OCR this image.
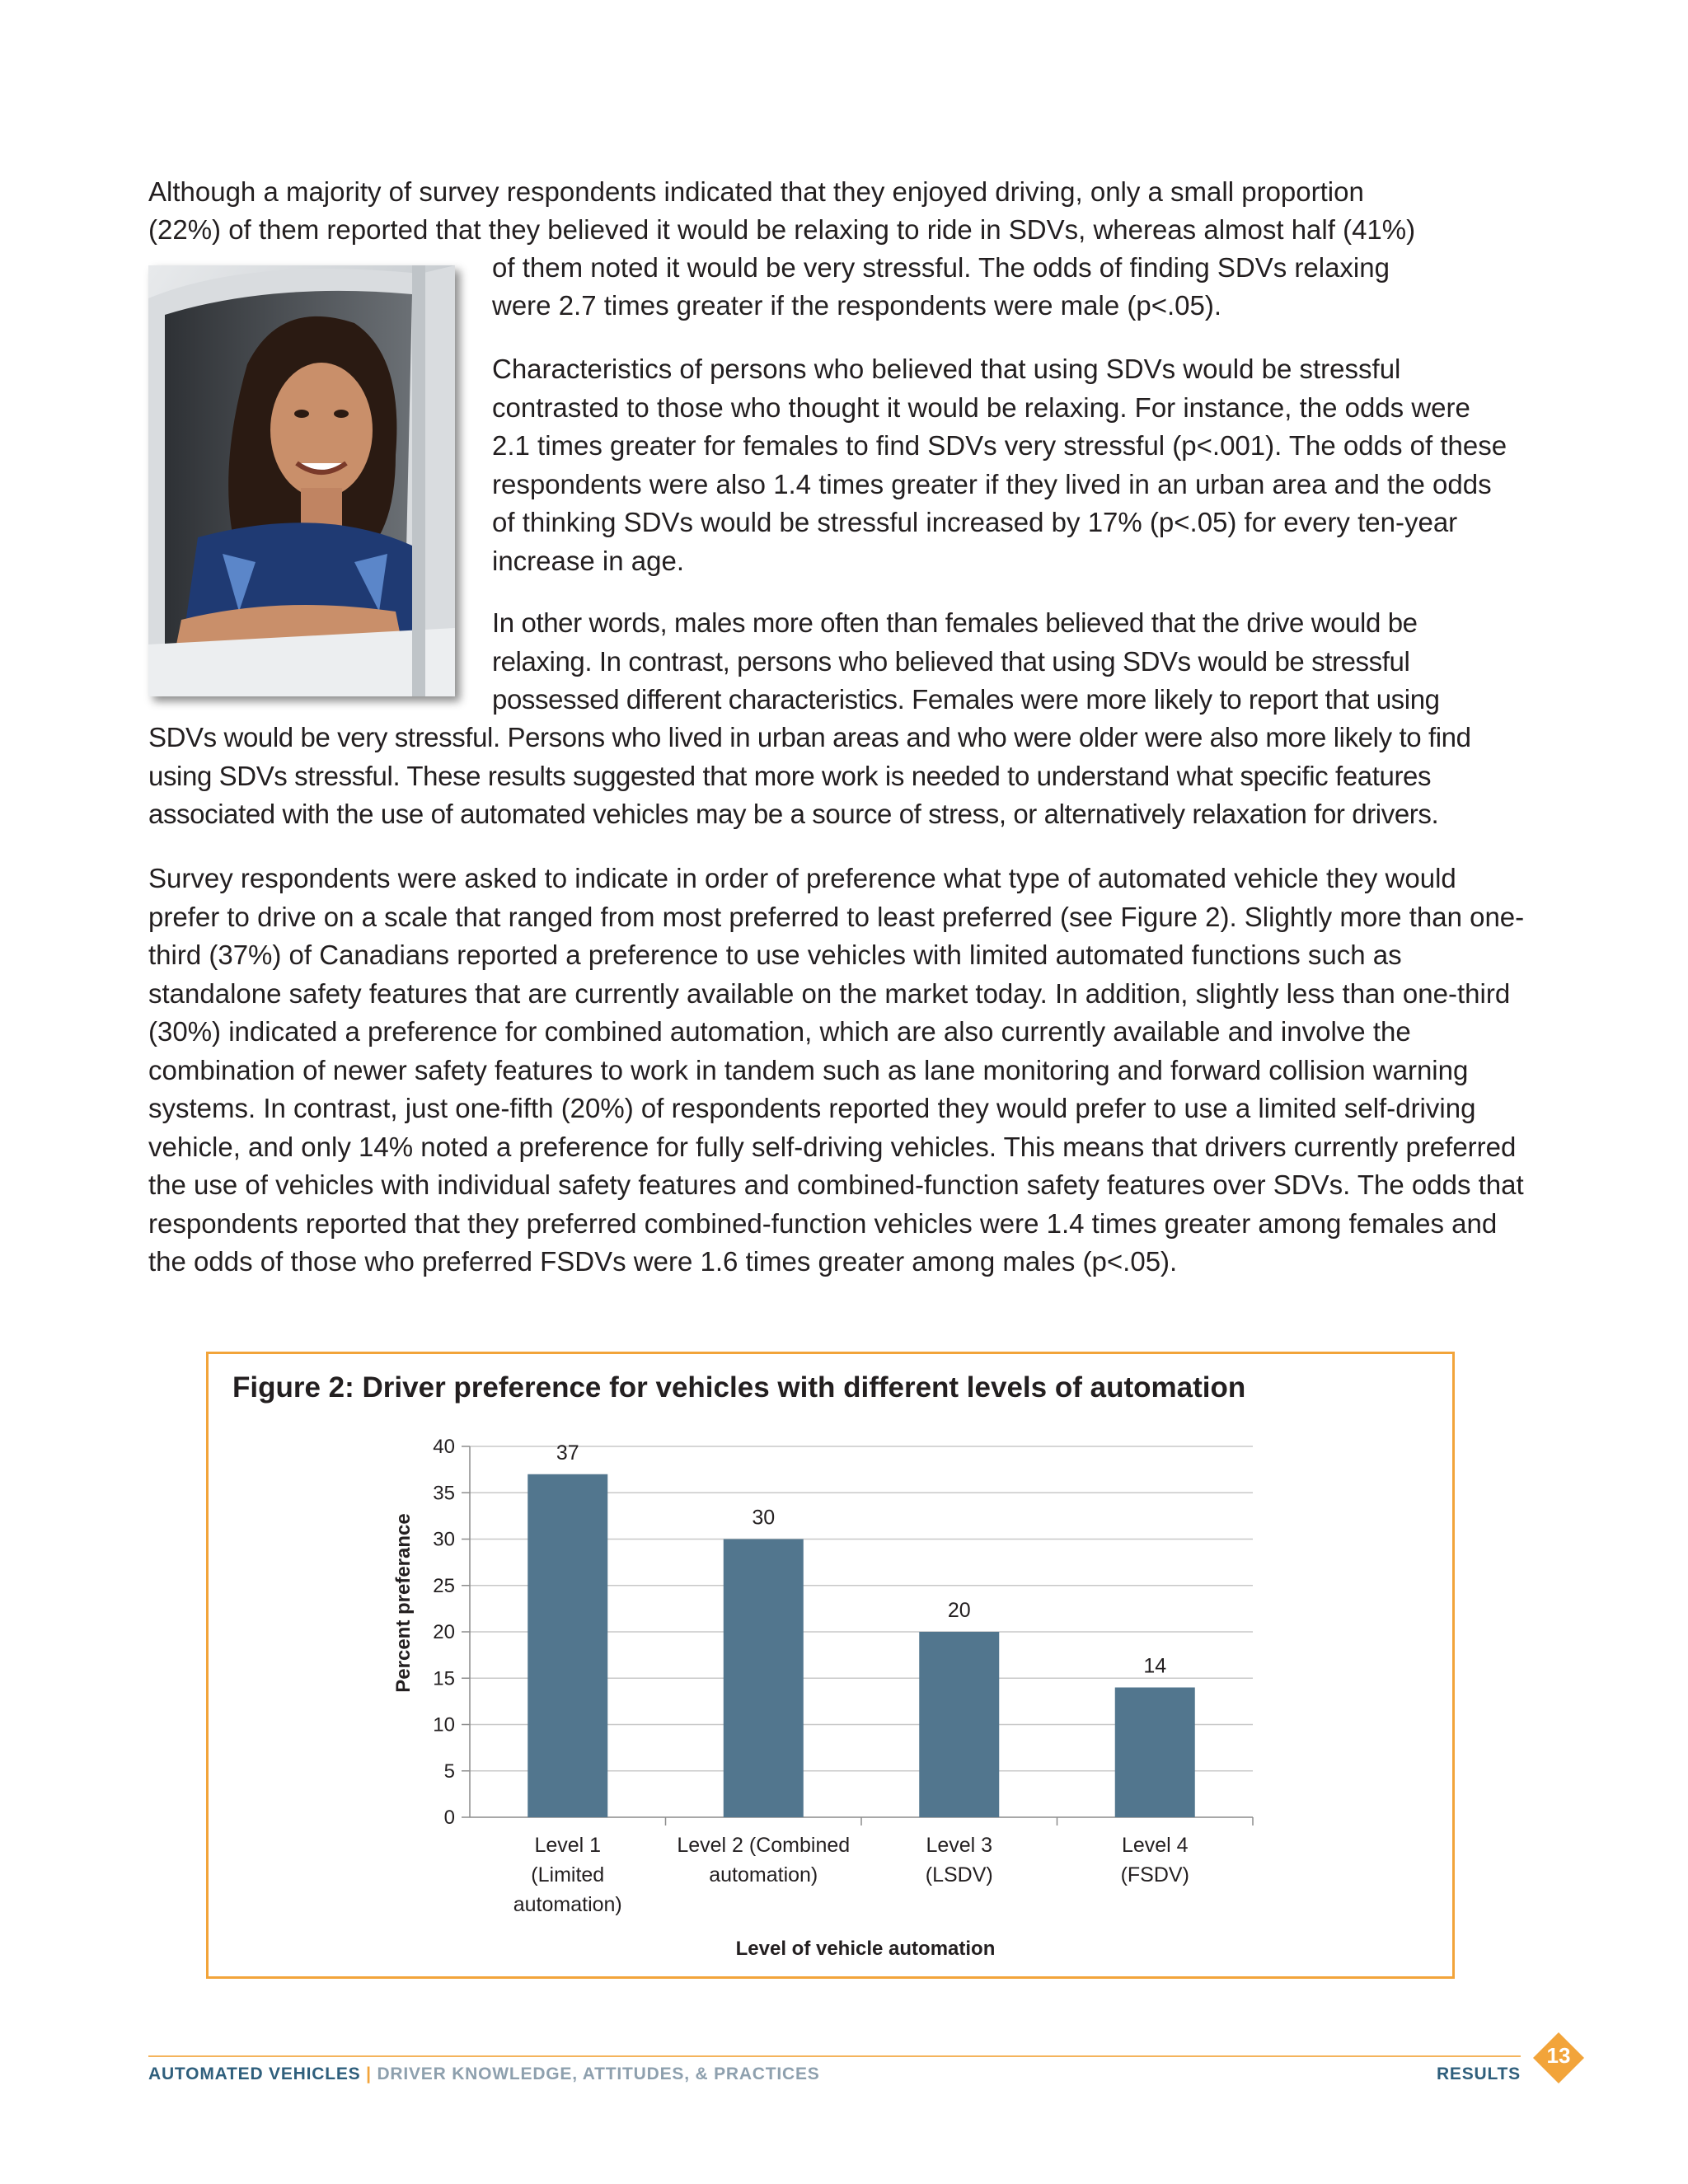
Although a majority of survey respondents indicated that they enjoyed driving, only a small proportion

(22%) of them reported that they believed it would be relaxing to ride in SDVs, whereas almost half (41%)

of them noted it would be very stressful. The odds of finding SDVs relaxing

were 2.7 times greater if the respondents were male (p<.05).

Characteristics of persons who believed that using SDVs would be stressful contrasted to those who thought it would be relaxing. For instance, the odds were 2.1 times greater for females to find SDVs very stressful (p<.001). The odds of these respondents were also 1.4 times greater if they lived in an urban area and the odds of thinking SDVs would be stressful increased by 17% (p<.05) for every ten-year increase in age.

In other words, males more often than females believed that the drive would be relaxing. In contrast, persons who believed that using SDVs would be stressful possessed different characteristics. Females were more likely to report that using

SDVs would be very stressful. Persons who lived in urban areas and who were older were also more likely to find using SDVs stressful. These results suggested that more work is needed to understand what specific features associated with the use of automated vehicles may be a source of stress, or alternatively relaxation for drivers.

Survey respondents were asked to indicate in order of preference what type of automated vehicle they would prefer to drive on a scale that ranged from most preferred to least preferred (see Figure 2). Slightly more than one-third (37%) of Canadians reported a preference to use vehicles with limited automated functions such as standalone safety features that are currently available on the market today. In addition, slightly less than one-third (30%) indicated a preference for combined automation, which are also currently available and involve the combination of newer safety features to work in tandem such as lane monitoring and forward collision warning systems. In contrast, just one-fifth (20%) of respondents reported they would prefer to use a limited self-driving vehicle, and only 14% noted a preference for fully self-driving vehicles. This means that drivers currently preferred the use of vehicles with individual safety features and combined-function safety features over SDVs. The odds that respondents reported that they preferred combined-function vehicles were 1.4 times greater among females and the odds of those who preferred FSDVs were 1.6 times greater among males (p<.05).

Figure 2: Driver preference for vehicles with different levels of automation

0
5
10
15
20
25
30
35
40	37
30
20
14
Level 1 (Limited automation)
Level 2 (Combined automation)
Level 3 (LSDV)
Level 4 (FSDV)
Percent preferance
Level of vehicle automation
AUTOMATED VEHICLES | DRIVER KNOWLEDGE, ATTITUDES, & PRACTICES	RESULTS
13
